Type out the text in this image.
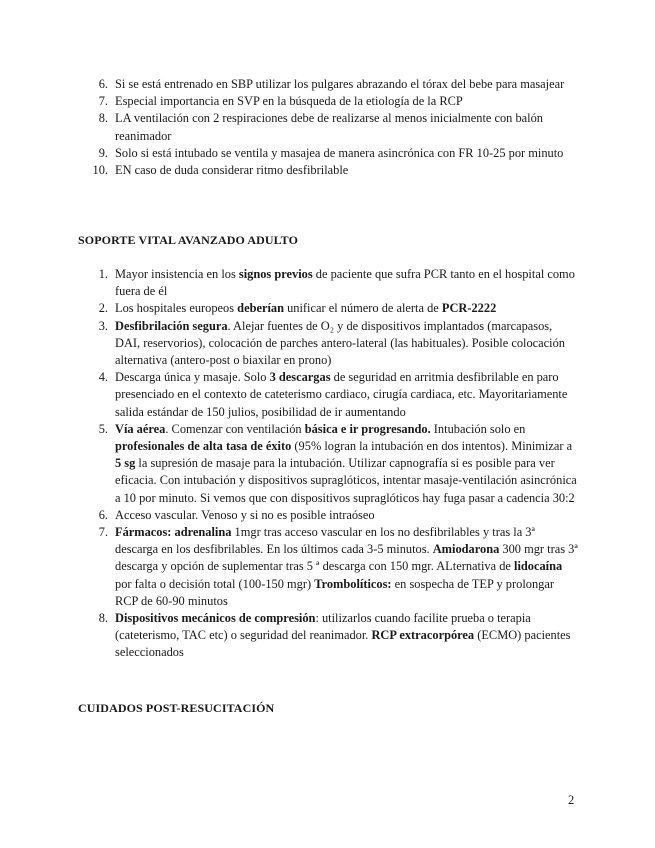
6. Si se está entrenado en SBP utilizar los pulgares abrazando el tórax del bebe para masajear
7. Especial importancia en SVP en la búsqueda de la etiología de la RCP
8. LA ventilación con 2 respiraciones debe de realizarse al menos inicialmente con balón reanimador
9. Solo si está intubado se ventila y masajea de manera asincrónica con FR 10-25 por minuto
10. EN caso de duda considerar ritmo desfibrilable
SOPORTE VITAL AVANZADO ADULTO
1. Mayor insistencia en los signos previos de paciente que sufra PCR tanto en el hospital como fuera de él
2. Los hospitales europeos deberían unificar el número de alerta de PCR-2222
3. Desfibrilación segura. Alejar fuentes de O₂ y de dispositivos implantados (marcapasos, DAI, reservorios), colocación de parches antero-lateral (las habituales). Posible colocación alternativa (antero-post o biaxilar en prono)
4. Descarga única y masaje. Solo 3 descargas de seguridad en arritmia desfibrilable en paro presenciado en el contexto de cateterismo cardiaco, cirugía cardiaca, etc. Mayoritariamente salida estándar de 150 julios, posibilidad de ir aumentando
5. Vía aérea. Comenzar con ventilación básica e ir progresando. Intubación solo en profesionales de alta tasa de éxito (95% logran la intubación en dos intentos). Minimizar a 5 sg la supresión de masaje para la intubación. Utilizar capnografía si es posible para ver eficacia. Con intubación y dispositivos supraglóticos, intentar masaje-ventilación asincrónica a 10 por minuto. Si vemos que con dispositivos supraglóticos hay fuga pasar a cadencia 30:2
6. Acceso vascular. Venoso y si no es posible intraóseo
7. Fármacos: adrenalina 1mgr tras acceso vascular en los no desfibrilables y tras la 3ª descarga en los desfibrilables. En los últimos cada 3-5 minutos. Amiodarona 300 mgr tras 3ª descarga y opción de suplementar tras 5 ª descarga con 150 mgr. ALternativa de lidocaína por falta o decisión total (100-150 mgr) Trombolíticos: en sospecha de TEP y prolongar RCP de 60-90 minutos
8. Dispositivos mecánicos de compresión: utilizarlos cuando facilite prueba o terapia (cateterismo, TAC etc) o seguridad del reanimador. RCP extracorpórea (ECMO) pacientes seleccionados
CUIDADOS POST-RESUCITACIÓN
2
